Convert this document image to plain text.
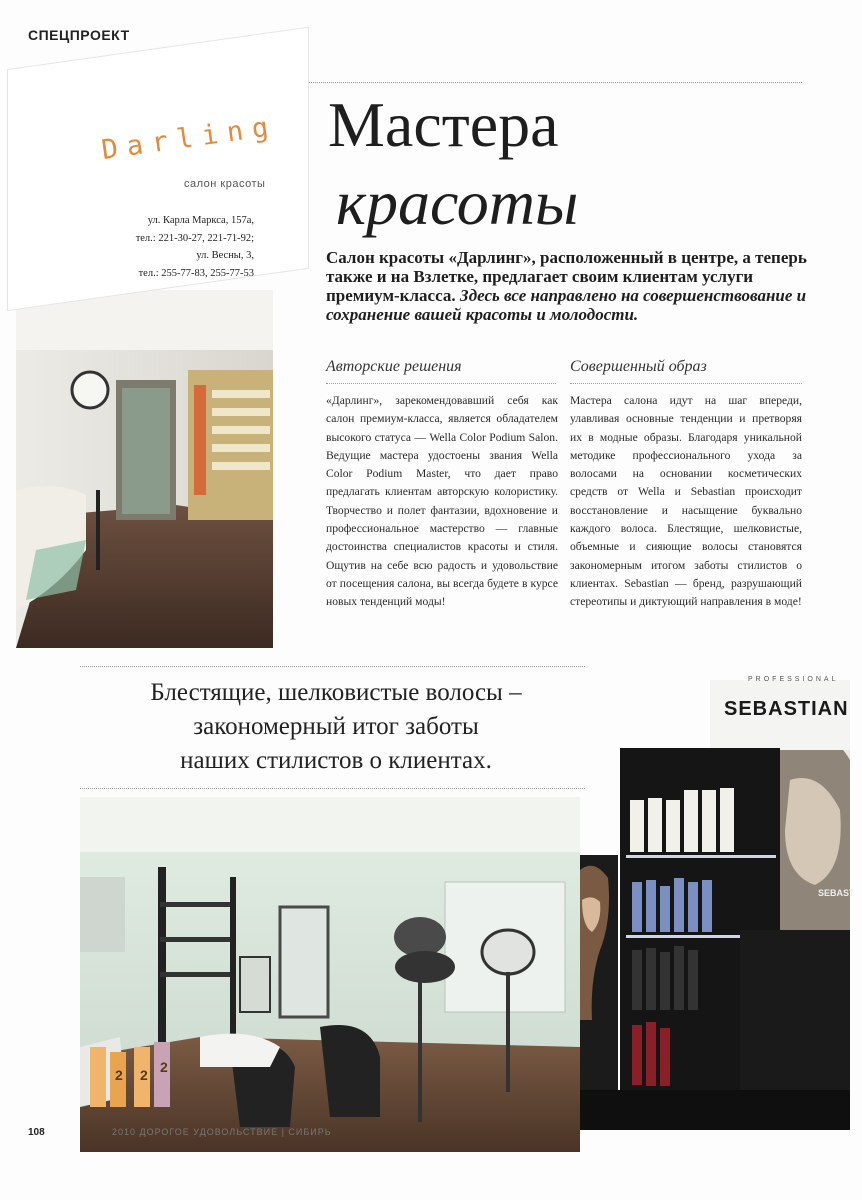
СПЕЦПРОЕКТ
Darling
салон красоты
ул. Карла Маркса, 157а,
тел.: 221-30-27, 221-71-92;
ул. Весны, 3,
тел.: 255-77-83, 255-77-53
Мастера
красоты
Салон красоты «Дарлинг», расположенный в центре, а теперь также и на Взлетке, предлагает своим клиентам услуги премиум-класса. Здесь все направлено на совершенствование и сохранение вашей красоты и молодости.
Авторские решения
«Дарлинг», зарекомендовавший себя как салон премиум-класса, является обладателем высокого статуса — Wella Color Podium Salon. Ведущие мастера удостоены звания Wella Color Podium Master, что дает право предлагать клиентам авторскую колористику. Творчество и полет фантазии, вдохновение и профессиональное мастерство — главные достоинства специалистов красоты и стиля. Ощутив на себе всю радость и удовольствие от посещения салона, вы всегда будете в курсе новых тенденций моды!
Совершенный образ
Мастера салона идут на шаг впереди, улавливая основные тенденции и претворяя их в модные образы. Благодаря уникальной методике профессионального ухода за волосами на основании косметических средств от Wella и Sebastian происходит восстановление и насыщение буквально каждого волоса. Блестящие, шелковистые, объемные и сияющие волосы становятся закономерным итогом заботы стилистов о клиентах. Sebastian — бренд, разрушающий стереотипы и диктующий направления в моде!
Блестящие, шелковистые волосы –
закономерный итог заботы
наших стилистов о клиентах.
PROFESSIONAL
SEBASTIAN
SEBAST
2 2 2
108	2010 ДОРОГОЕ УДОВОЛЬСТВИЕ | СИБИРЬ
